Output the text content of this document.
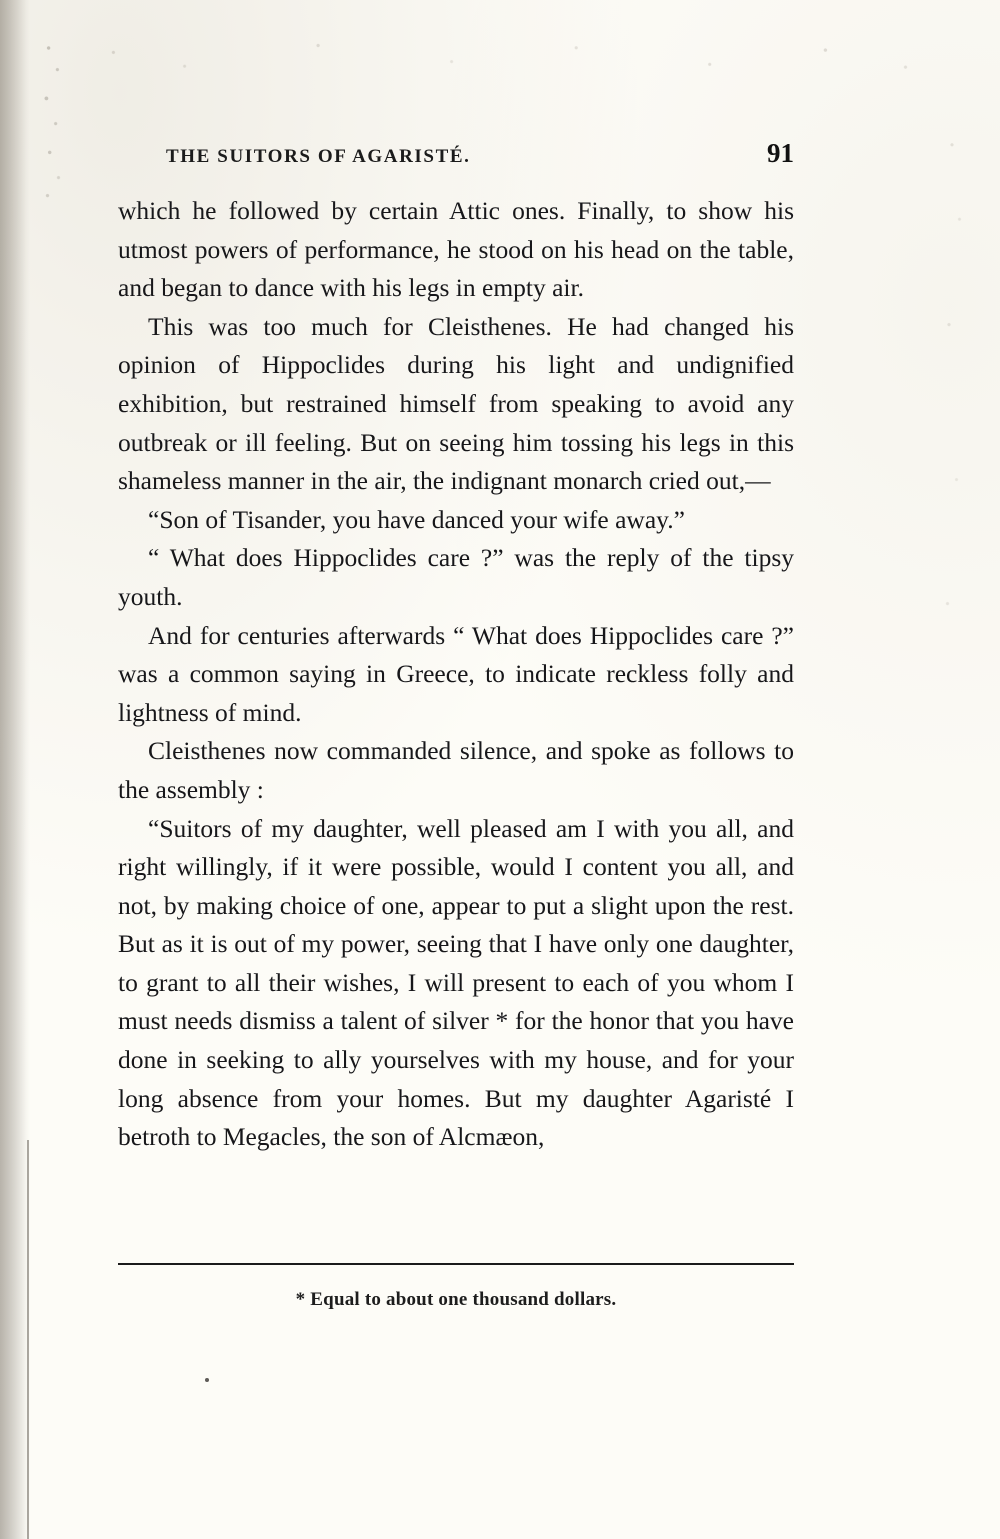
THE SUITORS OF AGARISTÉ.	91

which he followed by certain Attic ones. Finally, to show his utmost powers of performance, he stood on his head on the table, and began to dance with his legs in empty air.

This was too much for Cleisthenes. He had changed his opinion of Hippoclides during his light and undignified exhibition, but restrained himself from speaking to avoid any outbreak or ill feeling. But on seeing him tossing his legs in this shameless manner in the air, the indignant monarch cried out,—

“Son of Tisander, you have danced your wife away.”

“ What does Hippoclides care ?” was the reply of the tipsy youth.

And for centuries afterwards “ What does Hippoclides care ?” was a common saying in Greece, to indicate reckless folly and lightness of mind.

Cleisthenes now commanded silence, and spoke as follows to the assembly :

“Suitors of my daughter, well pleased am I with you all, and right willingly, if it were possible, would I content you all, and not, by making choice of one, appear to put a slight upon the rest. But as it is out of my power, seeing that I have only one daughter, to grant to all their wishes, I will present to each of you whom I must needs dismiss a talent of silver * for the honor that you have done in seeking to ally yourselves with my house, and for your long absence from your homes. But my daughter Agaristé I betroth to Megacles, the son of Alcmæon,

* Equal to about one thousand dollars.
